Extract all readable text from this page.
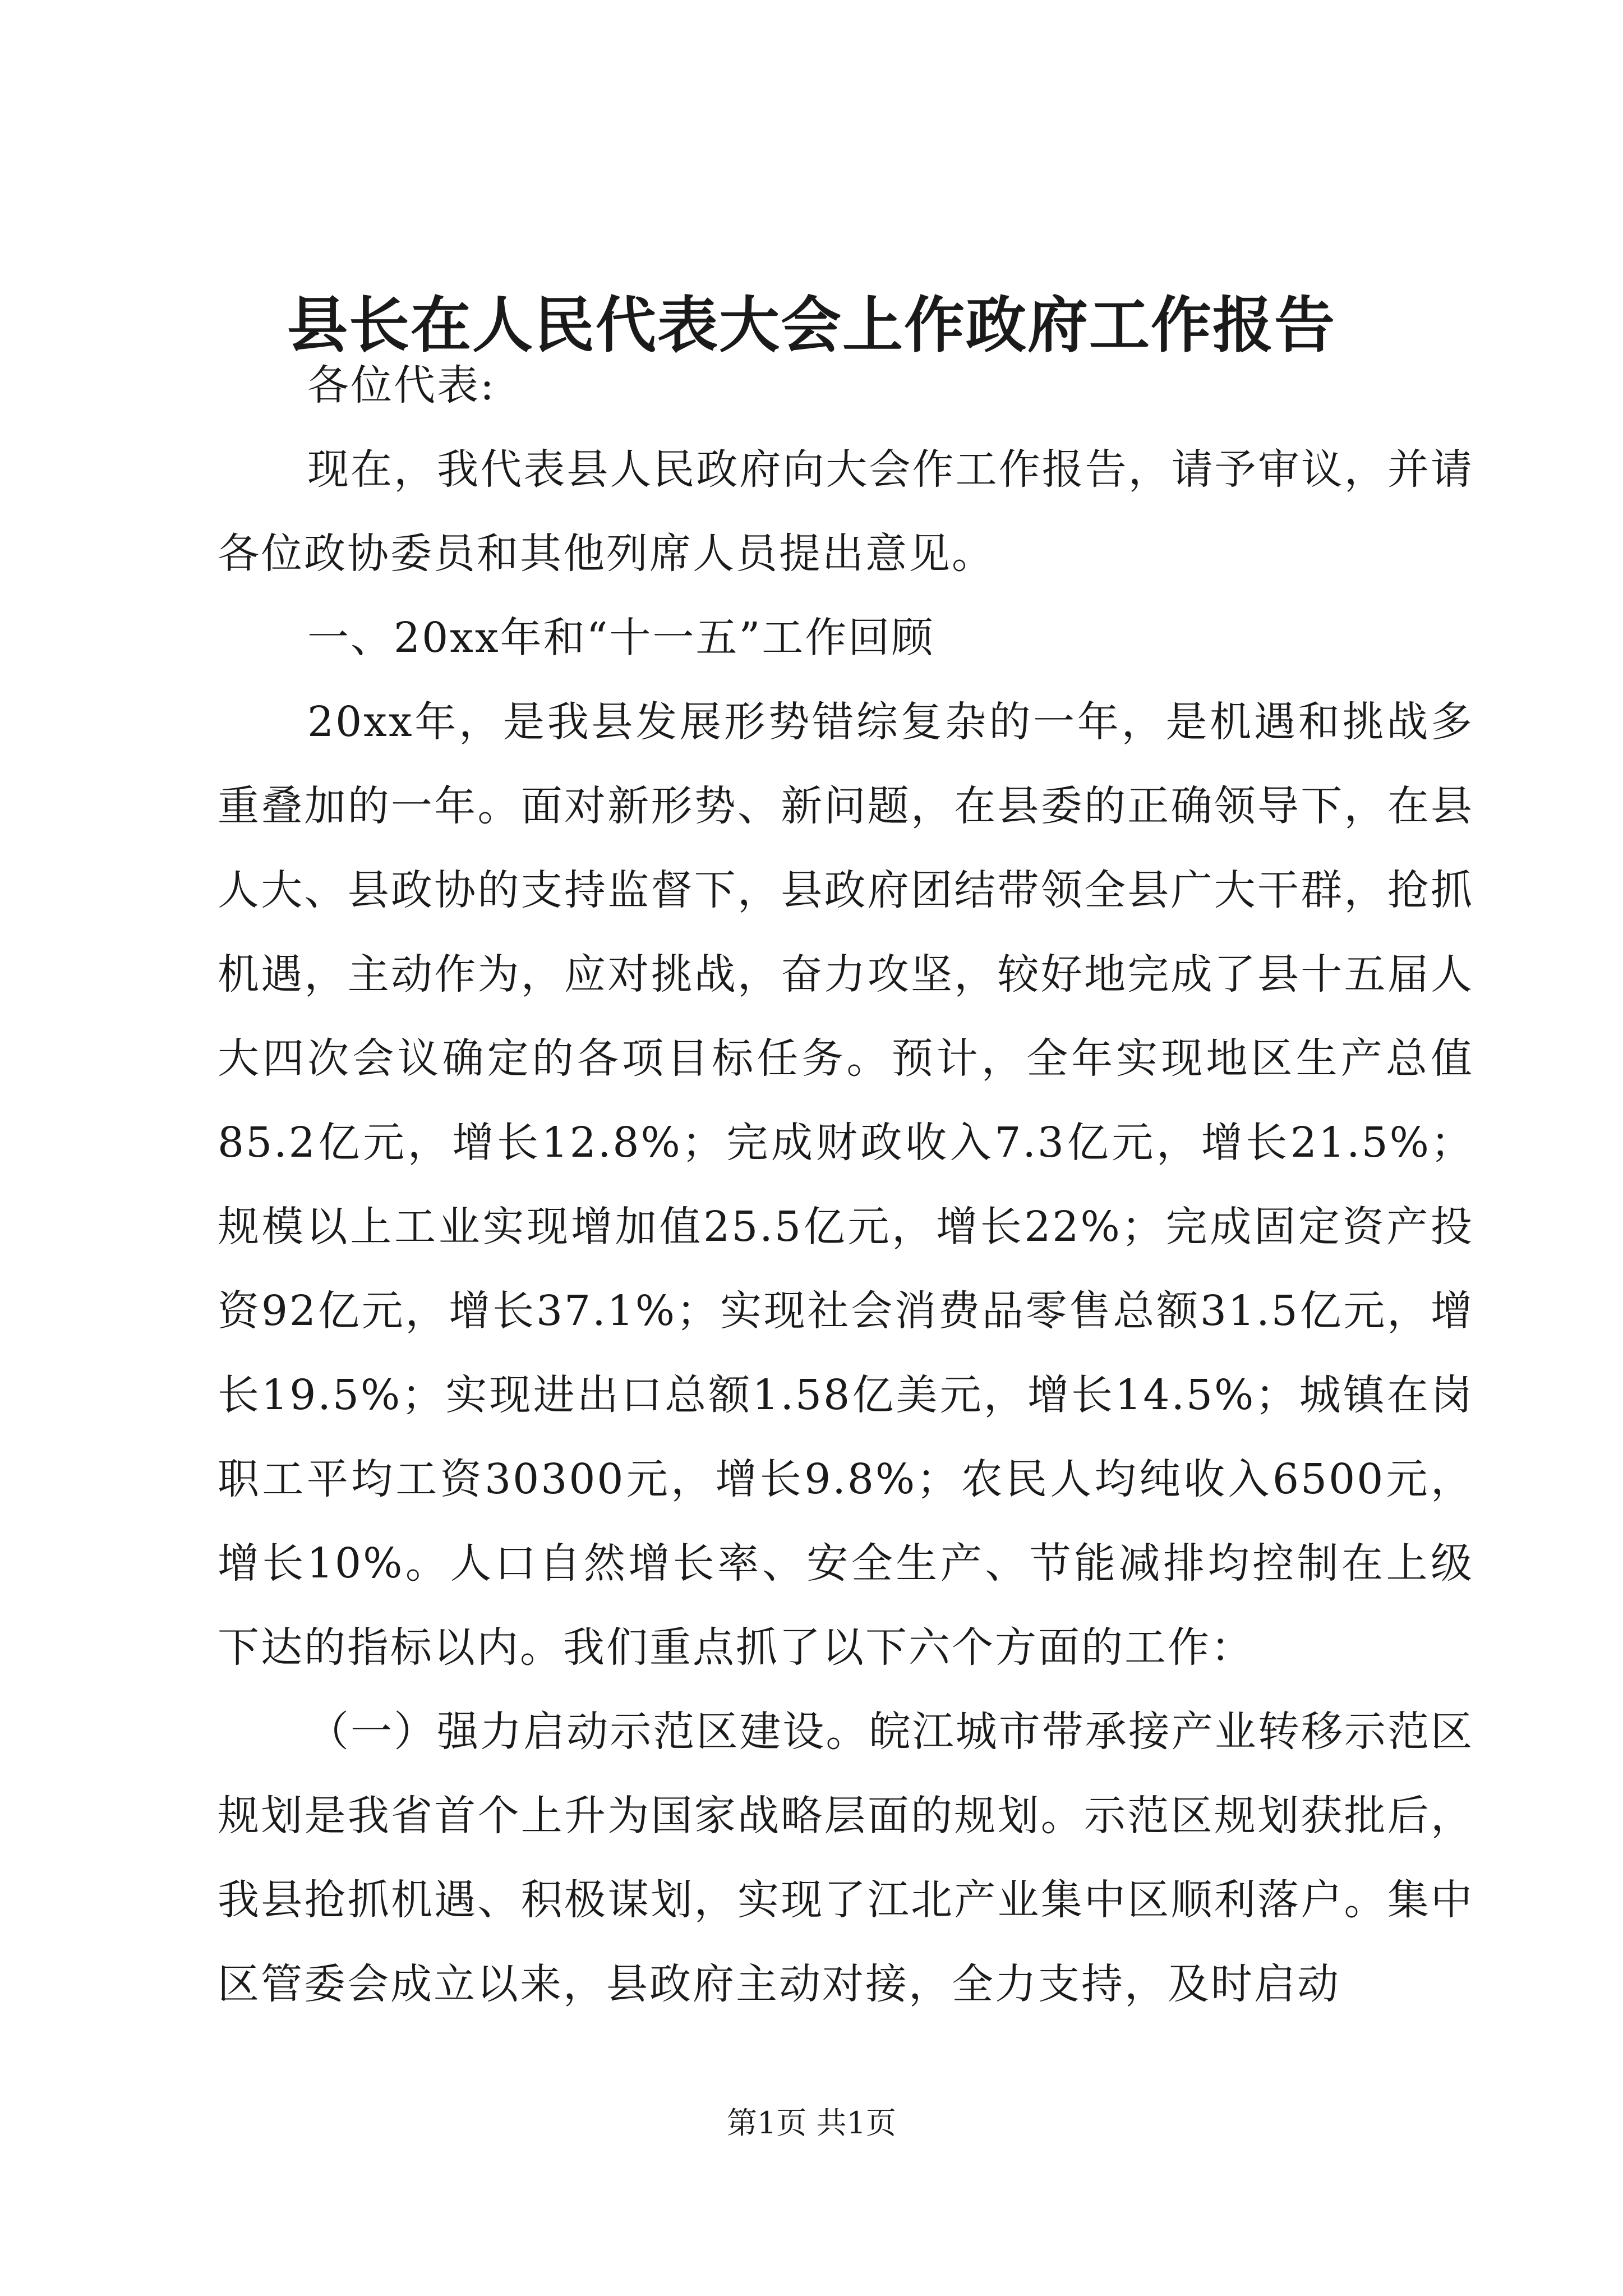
县长在人民代表大会上作政府工作报告

各位代表:

现在，我代表县人民政府向大会作工作报告，请予审议，并请各位政协委员和其他列席人员提出意见。

一、20xx年和“十一五”工作回顾

20xx年，是我县发展形势错综复杂的一年，是机遇和挑战多重叠加的一年。面对新形势、新问题，在县委的正确领导下，在县人大、县政协的支持监督下，县政府团结带领全县广大干群，抢抓机遇，主动作为，应对挑战，奋力攻坚，较好地完成了县十五届人大四次会议确定的各项目标任务。预计，全年实现地区生产总值85.2亿元，增长12.8%；完成财政收入7.3亿元，增长21.5%；规模以上工业实现增加值25.5亿元，增长22%；完成固定资产投资92亿元，增长37.1%；实现社会消费品零售总额31.5亿元，增长19.5%；实现进出口总额1.58亿美元，增长14.5%；城镇在岗职工平均工资30300元，增长9.8%；农民人均纯收入6500元，增长10%。人口自然增长率、安全生产、节能减排均控制在上级下达的指标以内。我们重点抓了以下六个方面的工作：

（一）强力启动示范区建设。皖江城市带承接产业转移示范区规划是我省首个上升为国家战略层面的规划。示范区规划获批后，我县抢抓机遇、积极谋划，实现了江北产业集中区顺利落户。集中区管委会成立以来，县政府主动对接，全力支持，及时启动

第1页 共1页
